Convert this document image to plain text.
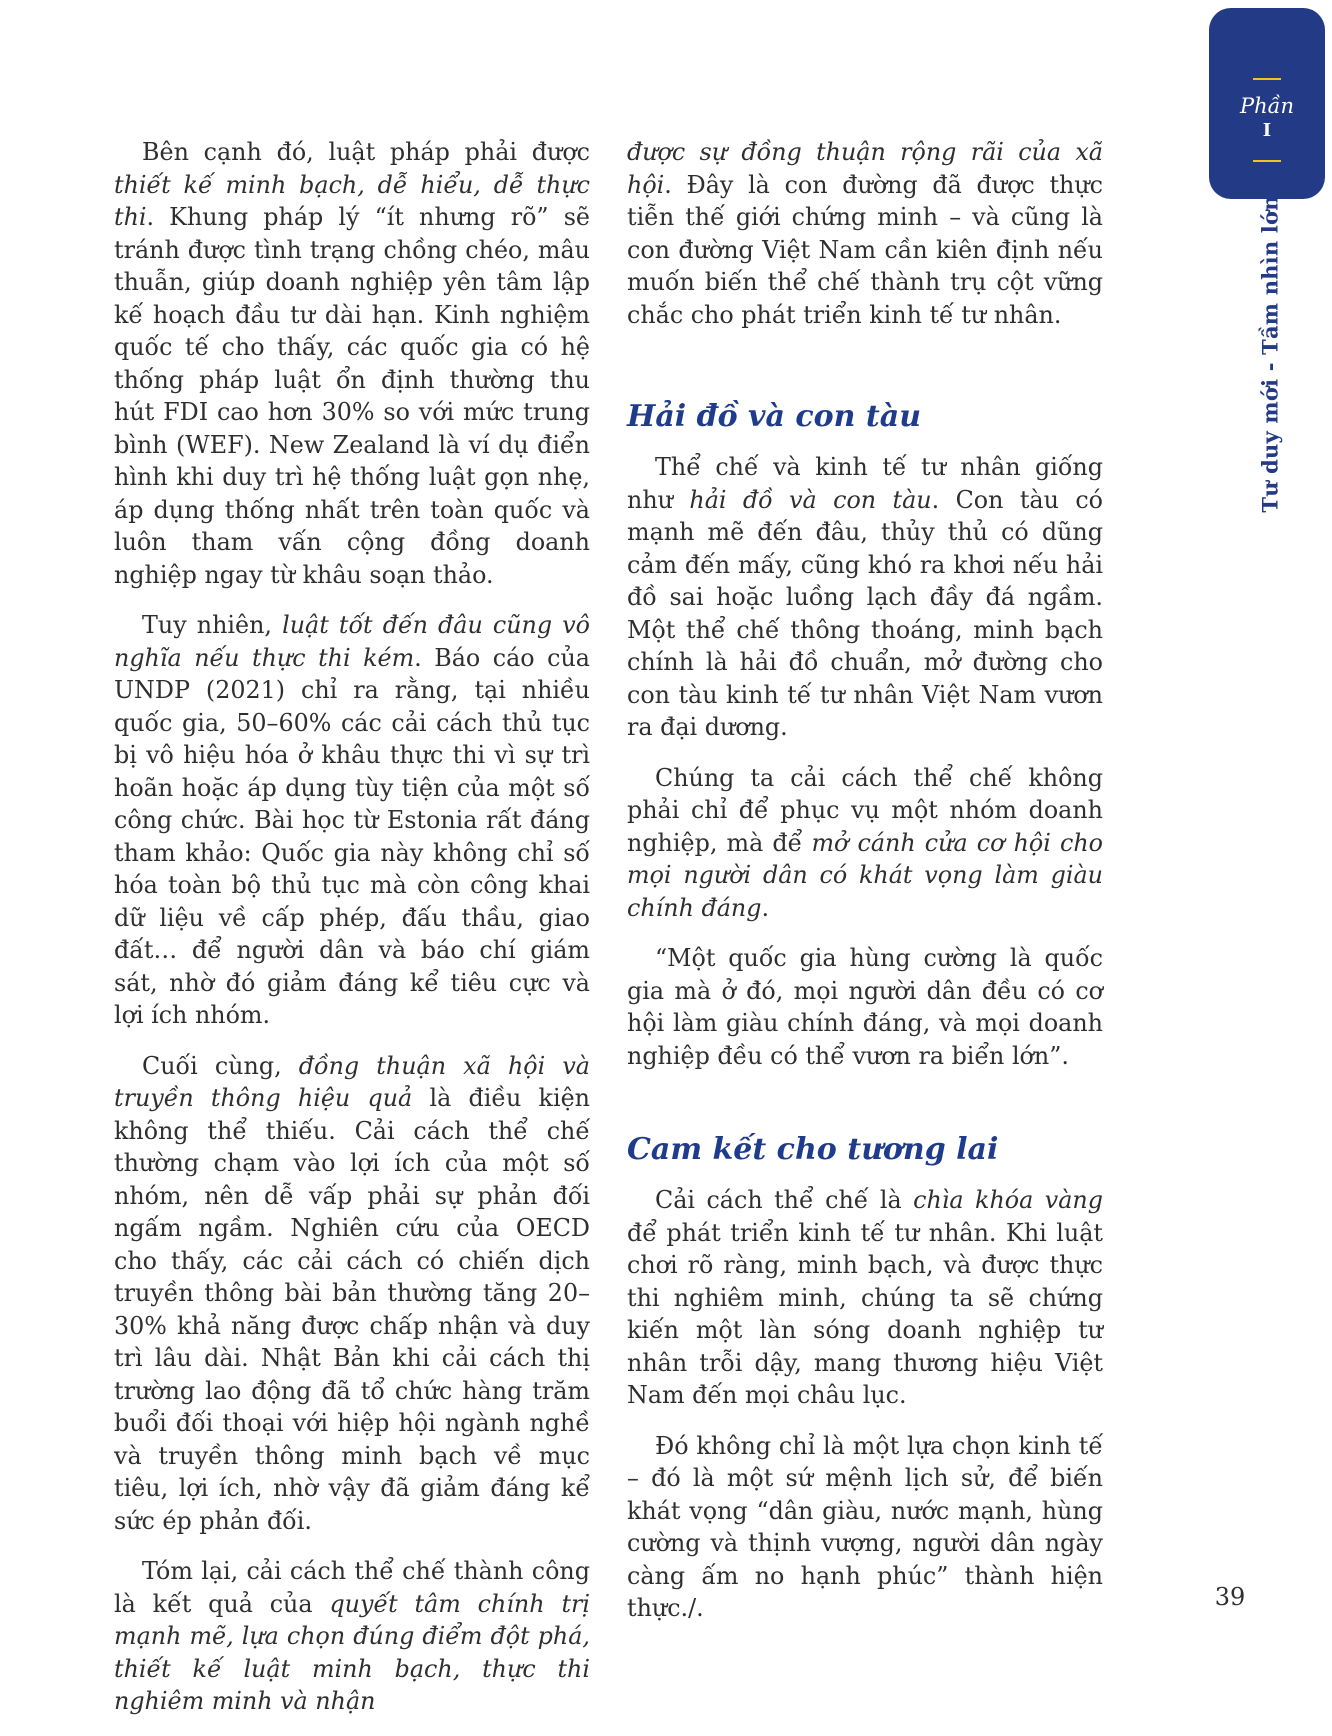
Bên cạnh đó, luật pháp phải được thiết kế minh bạch, dễ hiểu, dễ thực thi. Khung pháp lý “ít nhưng rõ” sẽ tránh được tình trạng chồng chéo, mâu thuẫn, giúp doanh nghiệp yên tâm lập kế hoạch đầu tư dài hạn. Kinh nghiệm quốc tế cho thấy, các quốc gia có hệ thống pháp luật ổn định thường thu hút FDI cao hơn 30% so với mức trung bình (WEF). New Zealand là ví dụ điển hình khi duy trì hệ thống luật gọn nhẹ, áp dụng thống nhất trên toàn quốc và luôn tham vấn cộng đồng doanh nghiệp ngay từ khâu soạn thảo.

Tuy nhiên, luật tốt đến đâu cũng vô nghĩa nếu thực thi kém. Báo cáo của UNDP (2021) chỉ ra rằng, tại nhiều quốc gia, 50–60% các cải cách thủ tục bị vô hiệu hóa ở khâu thực thi vì sự trì hoãn hoặc áp dụng tùy tiện của một số công chức. Bài học từ Estonia rất đáng tham khảo: Quốc gia này không chỉ số hóa toàn bộ thủ tục mà còn công khai dữ liệu về cấp phép, đấu thầu, giao đất… để người dân và báo chí giám sát, nhờ đó giảm đáng kể tiêu cực và lợi ích nhóm.

Cuối cùng, đồng thuận xã hội và truyền thông hiệu quả là điều kiện không thể thiếu. Cải cách thể chế thường chạm vào lợi ích của một số nhóm, nên dễ vấp phải sự phản đối ngấm ngầm. Nghiên cứu của OECD cho thấy, các cải cách có chiến dịch truyền thông bài bản thường tăng 20–30% khả năng được chấp nhận và duy trì lâu dài. Nhật Bản khi cải cách thị trường lao động đã tổ chức hàng trăm buổi đối thoại với hiệp hội ngành nghề và truyền thông minh bạch về mục tiêu, lợi ích, nhờ vậy đã giảm đáng kể sức ép phản đối.

Tóm lại, cải cách thể chế thành công là kết quả của quyết tâm chính trị mạnh mẽ, lựa chọn đúng điểm đột phá, thiết kế luật minh bạch, thực thi nghiêm minh và nhận

được sự đồng thuận rộng rãi của xã hội. Đây là con đường đã được thực tiễn thế giới chứng minh – và cũng là con đường Việt Nam cần kiên định nếu muốn biến thể chế thành trụ cột vững chắc cho phát triển kinh tế tư nhân.

Hải đồ và con tàu

Thể chế và kinh tế tư nhân giống như hải đồ và con tàu. Con tàu có mạnh mẽ đến đâu, thủy thủ có dũng cảm đến mấy, cũng khó ra khơi nếu hải đồ sai hoặc luồng lạch đầy đá ngầm. Một thể chế thông thoáng, minh bạch chính là hải đồ chuẩn, mở đường cho con tàu kinh tế tư nhân Việt Nam vươn ra đại dương.

Chúng ta cải cách thể chế không phải chỉ để phục vụ một nhóm doanh nghiệp, mà để mở cánh cửa cơ hội cho mọi người dân có khát vọng làm giàu chính đáng.

“Một quốc gia hùng cường là quốc gia mà ở đó, mọi người dân đều có cơ hội làm giàu chính đáng, và mọi doanh nghiệp đều có thể vươn ra biển lớn”.

Cam kết cho tương lai

Cải cách thể chế là chìa khóa vàng để phát triển kinh tế tư nhân. Khi luật chơi rõ ràng, minh bạch, và được thực thi nghiêm minh, chúng ta sẽ chứng kiến một làn sóng doanh nghiệp tư nhân trỗi dậy, mang thương hiệu Việt Nam đến mọi châu lục.

Đó không chỉ là một lựa chọn kinh tế – đó là một sứ mệnh lịch sử, để biến khát vọng “dân giàu, nước mạnh, hùng cường và thịnh vượng, người dân ngày càng ấm no hạnh phúc” thành hiện thực./.

Phần
I
Tư duy mới - Tầm nhìn lớn
39
